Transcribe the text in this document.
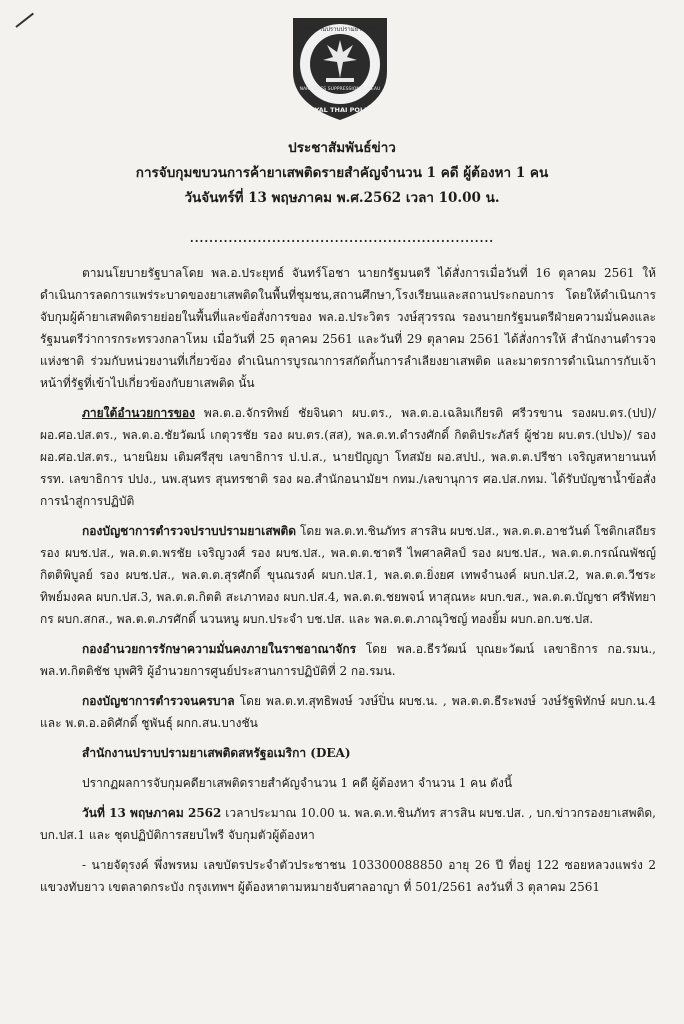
สำนักงานปราบปรามยาเสพติด
NARCOTICS SUPPRESSION BUREAU
ROYAL THAI POLICE
ประชาสัมพันธ์ข่าว
การจับกุมขบวนการค้ายาเสพติดรายสำคัญจำนวน 1 คดี ผู้ต้องหา 1 คน
วันจันทร์ที่ 13 พฤษภาคม พ.ศ.2562 เวลา 10.00 น.
...............................................................

ตามนโยบายรัฐบาลโดย พล.อ.ประยุทธ์ จันทร์โอชา นายกรัฐมนตรี ได้สั่งการเมื่อวันที่ 16 ตุลาคม 2561 ให้ดำเนินการลดการแพร่ระบาดของยาเสพติดในพื้นที่ชุมชน,สถานศึกษา,โรงเรียนและสถานประกอบการ โดยให้ดำเนินการจับกุมผู้ค้ายาเสพติดรายย่อยในพื้นที่และข้อสั่งการของ พล.อ.ประวิตร วงษ์สุวรรณ รองนายกรัฐมนตรีฝ่ายความมั่นคงและรัฐมนตรีว่าการกระทรวงกลาโหม เมื่อวันที่ 25 ตุลาคม 2561 และวันที่ 29 ตุลาคม 2561 ได้สั่งการให้ สำนักงานตำรวจแห่งชาติ ร่วมกับหน่วยงานที่เกี่ยวข้อง ดำเนินการบูรณาการสกัดกั้นการลำเลียงยาเสพติด และมาตรการดำเนินการกับเจ้าหน้าที่รัฐที่เข้าไปเกี่ยวข้องกับยาเสพติด นั้น

ภายใต้อำนวยการของ พล.ต.อ.จักรทิพย์ ชัยจินดา ผบ.ตร., พล.ต.อ.เฉลิมเกียรติ ศรีวรขาน รองผบ.ตร.(ปป)/ ผอ.ศอ.ปส.ตร., พล.ต.อ.ชัยวัฒน์ เกตุวรชัย รอง ผบ.ตร.(สส), พล.ต.ท.ดำรงศักดิ์ กิตติประภัสร์ ผู้ช่วย ผบ.ตร.(ปป๖)/ รอง ผอ.ศอ.ปส.ตร., นายนิยม เติมศรีสุข เลขาธิการ ป.ป.ส., นายปัญญา โทสมัย ผอ.สปป., พล.ต.ต.ปรีชา เจริญสหายานนท์ รรท. เลขาธิการ ปปง., นพ.สุนทร สุนทรชาติ รอง ผอ.สำนักอนามัยฯ กทม./เลขานุการ ศอ.ปส.กทม. ได้รับบัญชาน้ำข้อสั่งการนำสู่การปฏิบัติ

กองบัญชาการตำรวจปราบปรามยาเสพติด โดย พล.ต.ท.ชินภัทร สารสิน ผบช.ปส., พล.ต.ต.อาชวันต์ โชติกเสถียร รอง ผบช.ปส., พล.ต.ต.พรชัย เจริญวงศ์ รอง ผบช.ปส., พล.ต.ต.ชาตรี ไพศาลศิลป์ รอง ผบช.ปส., พล.ต.ต.กรณ์ณพัชญ์ กิตติพิบูลย์ รอง ผบช.ปส., พล.ต.ต.สุรศักดิ์ ขุนณรงค์ ผบก.ปส.1, พล.ต.ต.ยิ่งยศ เทพจำนงค์ ผบก.ปส.2, พล.ต.ต.วีชระ ทิพย์มงคล ผบก.ปส.3, พล.ต.ต.กิตติ สะเภาทอง ผบก.ปส.4, พล.ต.ต.ชยพจน์ หาสุณหะ ผบก.ขส., พล.ต.ต.บัญชา ศรีพัทยากร ผบก.สกส., พล.ต.ต.ภรศักดิ์ นวนหนู ผบก.ประจำ บช.ปส. และ พล.ต.ต.ภาณุวิชญ์ ทองยิ้ม ผบก.อก.บช.ปส.

กองอำนวยการรักษาความมั่นคงภายในราชอาณาจักร โดย พล.อ.ธีรวัฒน์ บุณยะวัฒน์ เลขาธิการ กอ.รมน., พล.ท.กิตติชัช บุพศิริ ผู้อำนวยการศูนย์ประสานการปฏิบัติที่ 2 กอ.รมน.

กองบัญชาการตำรวจนครบาล โดย พล.ต.ท.สุทธิพงษ์ วงษ์ปิ่น ผบช.น. , พล.ต.ต.ธีระพงษ์ วงษ์รัฐพิทักษ์ ผบก.น.4 และ พ.ต.อ.อดิศักดิ์ ชูพันธุ์ ผกก.สน.บางชัน

สำนักงานปราบปรามยาเสพติดสหรัฐอเมริกา (DEA)

ปรากฏผลการจับกุมคดียาเสพติดรายสำคัญจำนวน 1 คดี ผู้ต้องหา จำนวน 1 คน ดังนี้

วันที่ 13 พฤษภาคม 2562 เวลาประมาณ 10.00 น. พล.ต.ท.ชินภัทร สารสิน ผบช.ปส. , บก.ข่าวกรองยาเสพติด, บก.ปส.1 และ ชุดปฏิบัติการสยบไพรี จับกุมตัวผู้ต้องหา

- นายจัตุรงค์ พึ่งพรหม เลขบัตรประจำตัวประชาชน 103300088850 อายุ 26 ปี ที่อยู่ 122 ซอยหลวงแพร่ง 2 แขวงทับยาว เขตลาดกระบัง กรุงเทพฯ ผู้ต้องหาตามหมายจับศาลอาญา ที่ 501/2561 ลงวันที่ 3 ตุลาคม 2561
